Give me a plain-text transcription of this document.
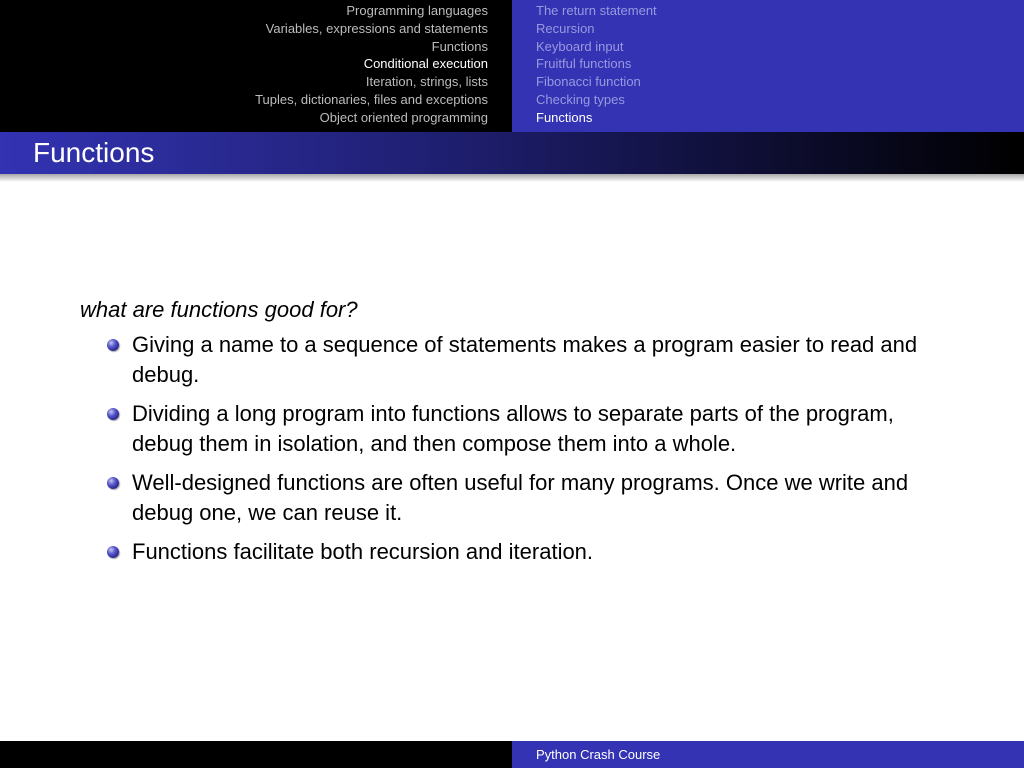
Programming languages
Variables, expressions and statements
Functions
Conditional execution
Iteration, strings, lists
Tuples, dictionaries, files and exceptions
Object oriented programming
The return statement
Recursion
Keyboard input
Fruitful functions
Fibonacci function
Checking types
Functions
Functions

what are functions good for?

Giving a name to a sequence of statements makes a program easier to read and debug.
Dividing a long program into functions allows to separate parts of the program, debug them in isolation, and then compose them into a whole.
Well-designed functions are often useful for many programs. Once we write and debug one, we can reuse it.
Functions facilitate both recursion and iteration.
Python Crash Course
